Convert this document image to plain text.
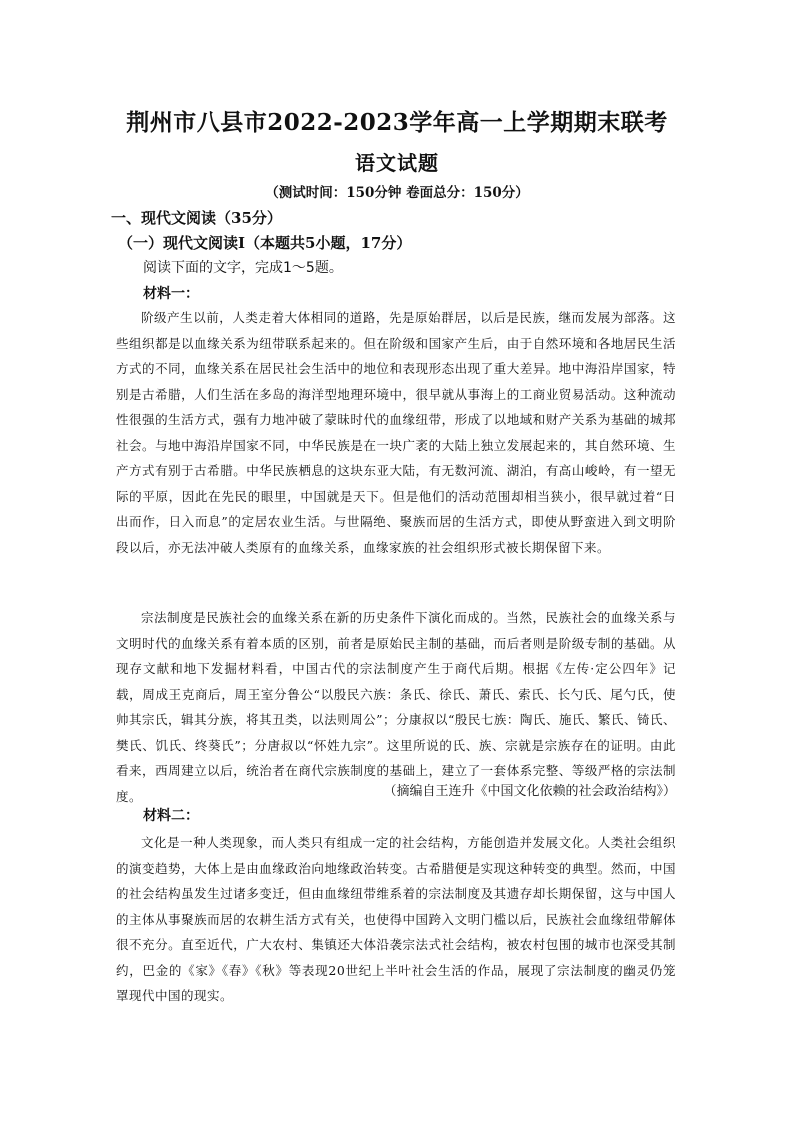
荆州市八县市2022-2023学年高一上学期期末联考
语文试题
（测试时间：150分钟 卷面总分：150分）
一、现代文阅读（35分）
（一）现代文阅读Ⅰ（本题共5小题，17分）
阅读下面的文字，完成1～5题。
材料一：
阶级产生以前，人类走着大体相同的道路，先是原始群居，以后是民族，继而发展为部落。这些组织都是以血缘关系为纽带联系起来的。但在阶级和国家产生后，由于自然环境和各地居民生活方式的不同，血缘关系在居民社会生活中的地位和表现形态出现了重大差异。地中海沿岸国家，特别是古希腊，人们生活在多岛的海洋型地理环境中，很早就从事海上的工商业贸易活动。这种流动性很强的生活方式，强有力地冲破了蒙昧时代的血缘纽带，形成了以地域和财产关系为基础的城邦社会。与地中海沿岸国家不同，中华民族是在一块广袤的大陆上独立发展起来的，其自然环境、生产方式有别于古希腊。中华民族栖息的这块东亚大陆，有无数河流、湖泊，有高山峻岭，有一望无际的平原，因此在先民的眼里，中国就是天下。但是他们的活动范围却相当狭小，很早就过着“日出而作，日入而息”的定居农业生活。与世隔绝、聚族而居的生活方式，即使从野蛮进入到文明阶段以后，亦无法冲破人类原有的血缘关系，血缘家族的社会组织形式被长期保留下来。
宗法制度是民族社会的血缘关系在新的历史条件下演化而成的。当然，民族社会的血缘关系与文明时代的血缘关系有着本质的区别，前者是原始民主制的基础，而后者则是阶级专制的基础。从现存文献和地下发掘材料看，中国古代的宗法制度产生于商代后期。根据《左传·定公四年》记载，周成王克商后，周王室分鲁公“以殷民六族：条氏、徐氏、萧氏、索氏、长勺氏、尾勺氏，使帅其宗氏，辑其分族，将其丑类，以法则周公”；分康叔以“殷民七族：陶氏、施氏、繁氏、锜氏、樊氏、饥氏、终葵氏”；分唐叔以“怀姓九宗”。这里所说的氏、族、宗就是宗族存在的证明。由此看来，西周建立以后，统治者在商代宗族制度的基础上，建立了一套体系完整、等级严格的宗法制度。	（摘编自王连升《中国文化依赖的社会政治结构》）
材料二：
文化是一种人类现象，而人类只有组成一定的社会结构，方能创造并发展文化。人类社会组织的演变趋势，大体上是由血缘政治向地缘政治转变。古希腊便是实现这种转变的典型。然而，中国的社会结构虽发生过诸多变迁，但由血缘纽带维系着的宗法制度及其遗存却长期保留，这与中国人的主体从事聚族而居的农耕生活方式有关，也使得中国跨入文明门槛以后，民族社会血缘纽带解体很不充分。直至近代，广大农村、集镇还大体沿袭宗法式社会结构，被农村包围的城市也深受其制约，巴金的《家》《春》《秋》等表现20世纪上半叶社会生活的作品，展现了宗法制度的幽灵仍笼罩现代中国的现实。
